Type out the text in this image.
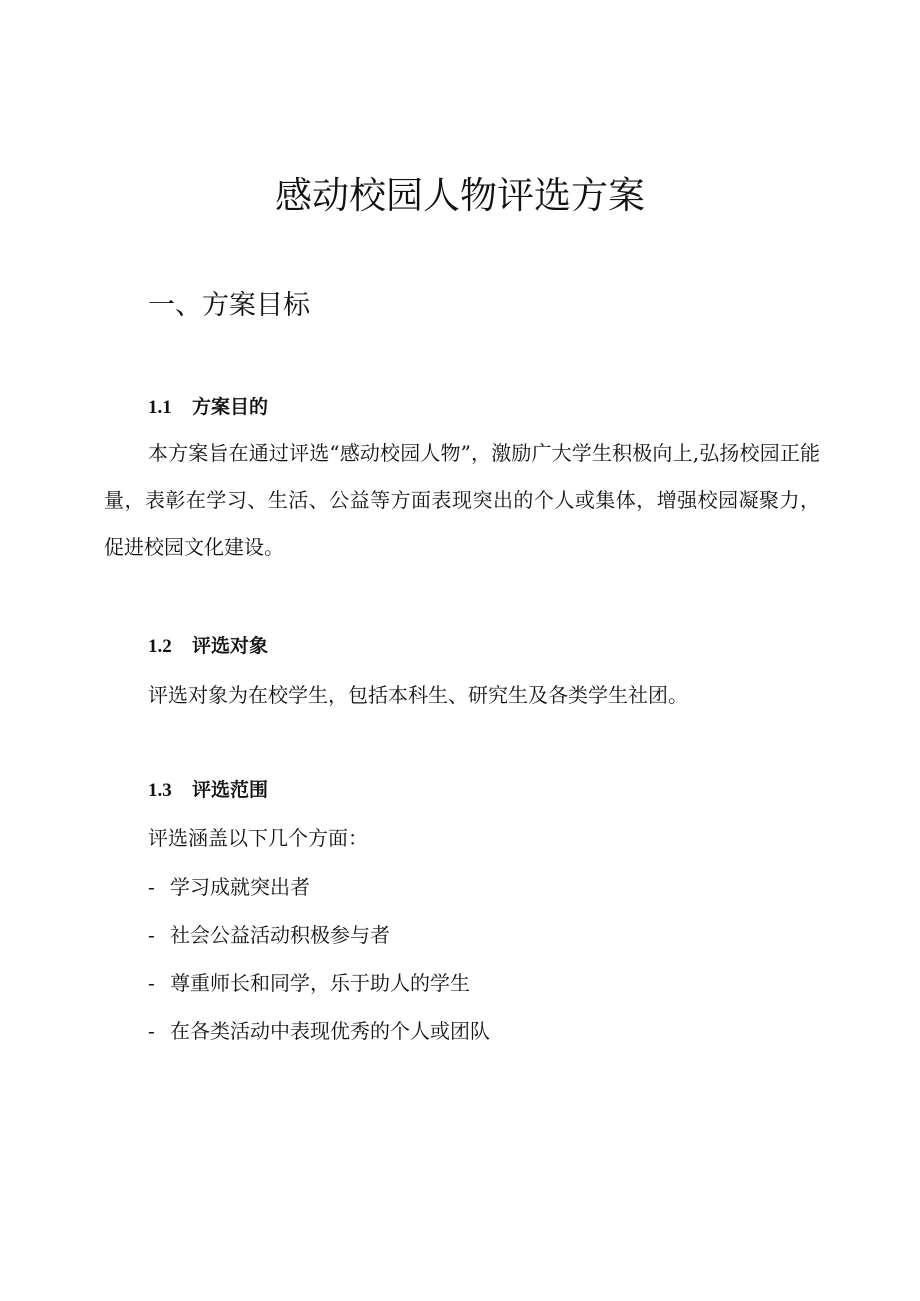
感动校园人物评选方案
一、方案目标
1.1 方案目的

本方案旨在通过评选“感动校园人物”，激励广大学生积极向上,弘扬校园正能量，表彰在学习、生活、公益等方面表现突出的个人或集体，增强校园凝聚力，促进校园文化建设。

1.2 评选对象

评选对象为在校学生，包括本科生、研究生及各类学生社团。

1.3 评选范围

评选涵盖以下几个方面：

- 学习成就突出者
- 社会公益活动积极参与者
- 尊重师长和同学，乐于助人的学生
- 在各类活动中表现优秀的个人或团队
